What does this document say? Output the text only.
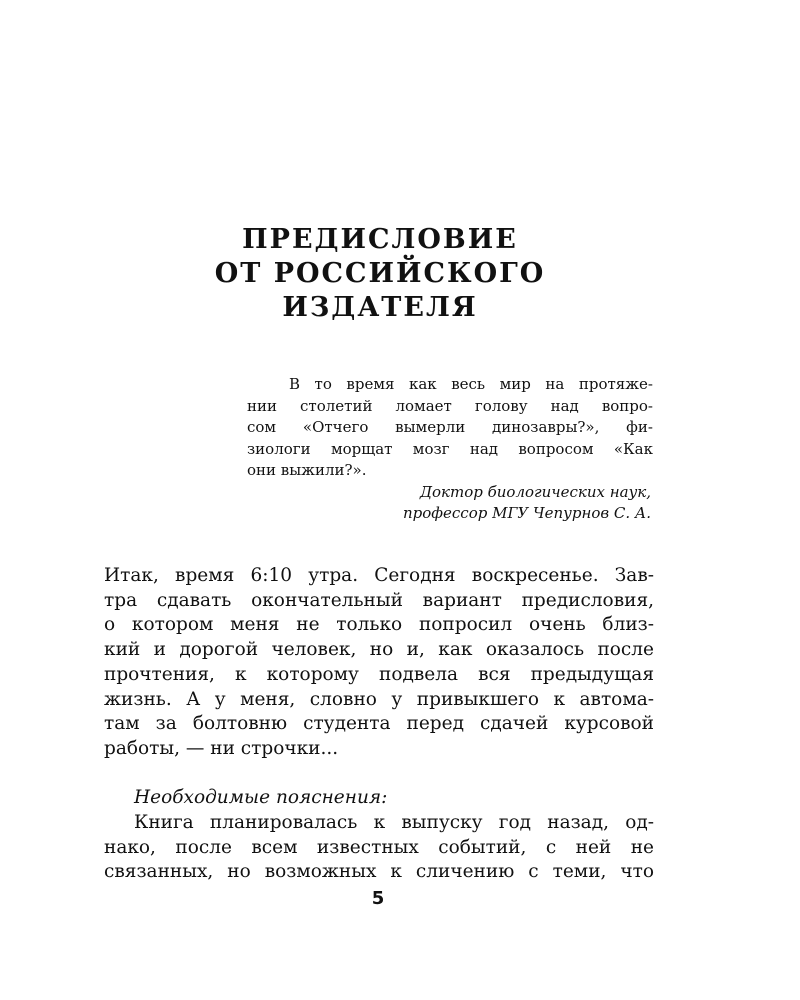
ПРЕДИСЛОВИЕ
ОТ РОССИЙСКОГО
ИЗДАТЕЛЯ
В то время как весь мир на протяже-
нии столетий ломает голову над вопро-
сом «Отчего вымерли динозавры?», фи-
зиологи морщат мозг над вопросом «Как
они выжили?».
Доктор биологических наук,
профессор МГУ Чепурнов С. А.
Итак, время 6:10 утра. Сегодня воскресенье. Зав-
тра сдавать окончательный вариант предисловия,
о котором меня не только попросил очень близ-
кий и дорогой человек, но и, как оказалось после
прочтения, к которому подвела вся предыдущая
жизнь. А у меня, словно у привыкшего к автома-
там за болтовню студента перед сдачей курсовой
работы, — ни строчки...
Необходимые пояснения:
Книга планировалась к выпуску год назад, од-
нако, после всем известных событий, с ней не
связанных, но возможных к сличению с теми, что
5
